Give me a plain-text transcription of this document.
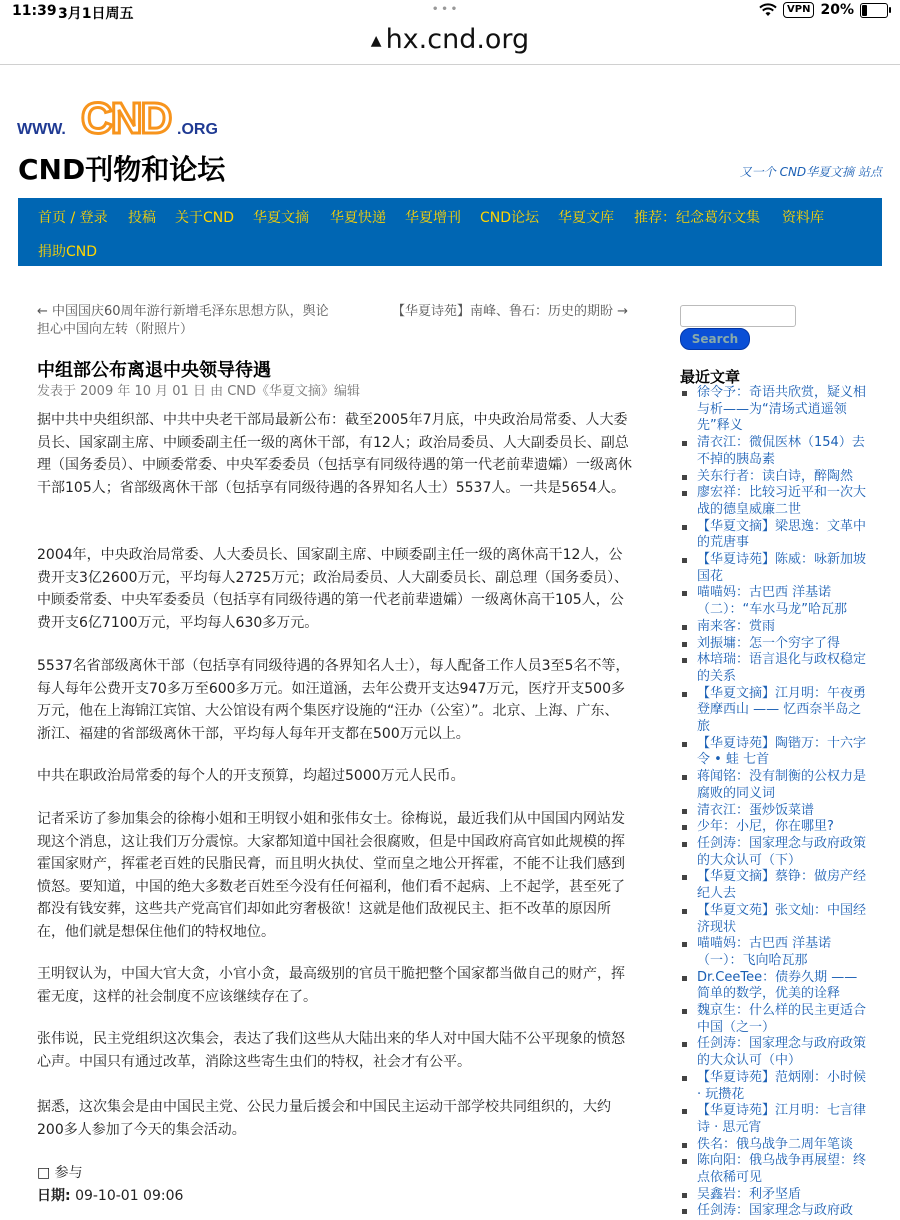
11:39 3月1日周五	•••	VPN 20%
▲ hx.cnd.org
WWW. CND .ORG
CND刊物和论坛	又一个 CND华夏文摘 站点
首页 / 登录 投稿 关于CND 华夏文摘 华夏快递 华夏增刊 CND论坛 华夏文库 推荐：纪念葛尔文集 资料库
捐助CND
← 中国国庆60周年游行新增毛泽东思想方队，舆论担心中国向左转（附照片）
【华夏诗苑】南峰、鲁石：历史的期盼 →
中组部公布离退中央领导待遇
发表于 2009 年 10 月 01 日 由 CND《华夏文摘》编辑

据中共中央组织部、中共中央老干部局最新公布：截至2005年7月底，中央政治局常委、人大委员长、国家副主席、中顾委副主任一级的离休干部，有12人；政治局委员、人大副委员长、副总理（国务委员）、中顾委常委、中央军委委员（包括享有同级待遇的第一代老前辈遗孀）一级离休干部105人；省部级离休干部（包括享有同级待遇的各界知名人士）5537人。一共是5654人。

2004年，中央政治局常委、人大委员长、国家副主席、中顾委副主任一级的离休高干12人，公费开支3亿2600万元，平均每人2725万元；政治局委员、人大副委员长、副总理（国务委员）、中顾委常委、中央军委委员（包括享有同级待遇的第一代老前辈遗孀）一级离休高干105人，公费开支6亿7100万元，平均每人630多万元。

5537名省部级离休干部（包括享有同级待遇的各界知名人士），每人配备工作人员3至5名不等，每人每年公费开支70多万至600多万元。如汪道涵，去年公费开支达947万元，医疗开支500多万元，他在上海锦江宾馆、大公馆设有两个集医疗设施的“汪办（公室）”。北京、上海、广东、浙江、福建的省部级离休干部，平均每人每年开支都在500万元以上。

中共在职政治局常委的每个人的开支预算，均超过5000万元人民币。

记者采访了参加集会的徐梅小姐和王明钗小姐和张伟女士。徐梅说，最近我们从中国国内网站发现这个消息，这让我们万分震惊。大家都知道中国社会很腐败，但是中国政府高官如此规模的挥霍国家财产，挥霍老百姓的民脂民膏，而且明火执仗、堂而皇之地公开挥霍，不能不让我们感到愤怒。要知道，中国的绝大多数老百姓至今没有任何福利，他们看不起病、上不起学，甚至死了都没有钱安葬，这些共产党高官们却如此穷奢极欲！这就是他们敌视民主、拒不改革的原因所在，他们就是想保住他们的特权地位。

王明钗认为，中国大官大贪，小官小贪，最高级别的官员干脆把整个国家都当做自己的财产，挥霍无度，这样的社会制度不应该继续存在了。

张伟说，民主党组织这次集会，表达了我们这些从大陆出来的华人对中国大陆不公平现象的愤怒心声。中国只有通过改革，消除这些寄生虫们的特权，社会才有公平。

据悉，这次集会是由中国民主党、公民力量后援会和中国民主运动干部学校共同组织的，大约200多人参加了今天的集会活动。

□ 参与
日期: 09-10-01 09:06
Search
最近文章
徐令予：奇语共欣赏，疑义相与析——为“清场式逍遥领先”释义
清衣江：微侃医林（154）去不掉的胰岛素
关东行者：读白诗，醉陶然
廖宏祥：比较习近平和一次大战的德皇威廉二世
【华夏文摘】梁思逸：文革中的荒唐事
【华夏诗苑】陈威：咏新加坡国花
喵喵妈：古巴西 洋基诺（二）：“车水马龙”哈瓦那
南来客：赏雨
刘振墉：怎一个穷字了得
林培瑞：语言退化与政权稳定的关系
【华夏文摘】江月明：午夜勇登摩西山 —— 忆西奈半岛之旅
【华夏诗苑】陶锴万：十六字令 • 蛙 七首
蒋闻铭：没有制衡的公权力是腐败的同义词
清衣江：蛋炒饭菜谱
少年：小尼，你在哪里?
任剑涛：国家理念与政府政策的大众认可（下）
【华夏文摘】蔡铮：做房产经纪人去
【华夏文苑】张文灿：中国经济现状
喵喵妈：古巴西 洋基诺（一）：飞向哈瓦那
Dr.CeeTee：债券久期 —— 简单的数学，优美的诠释
魏京生：什么样的民主更适合中国（之一）
任剑涛：国家理念与政府政策的大众认可（中）
【华夏诗苑】范炳刚：小时候 · 玩攒花
【华夏诗苑】江月明：七言律诗 · 思元宵
佚名：俄乌战争二周年笔谈
陈向阳：俄乌战争再展望：终点依稀可见
吴鑫岩：利矛坚盾
任剑涛：国家理念与政府政
